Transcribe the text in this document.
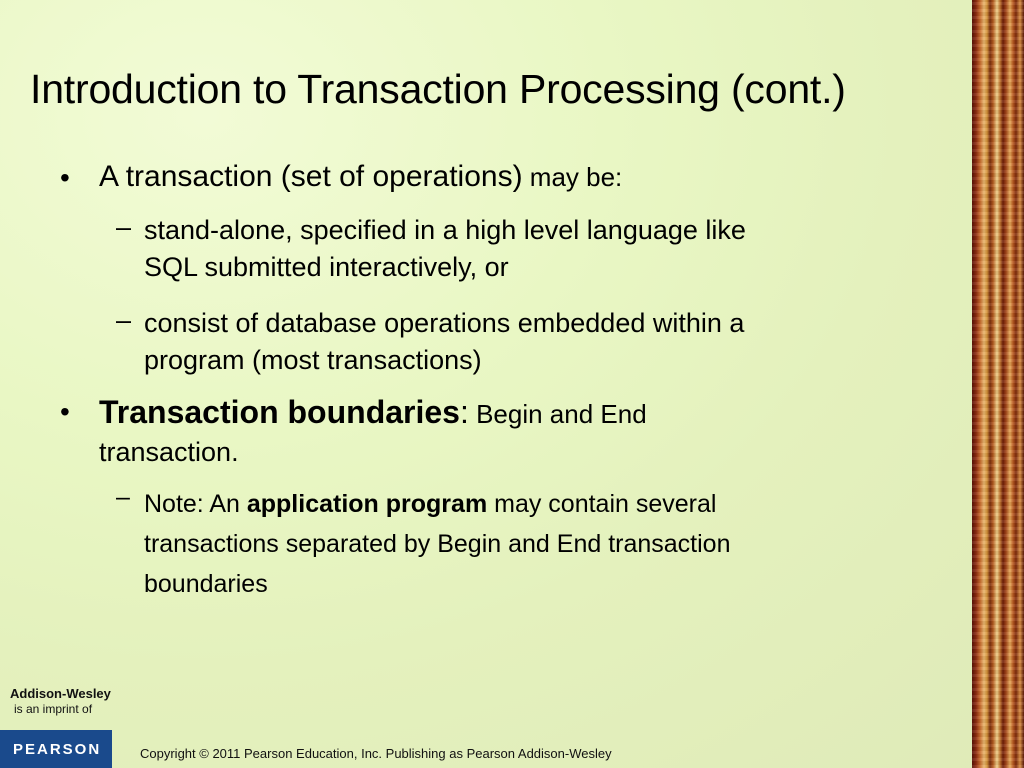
Introduction to Transaction Processing (cont.)
• A transaction (set of operations) may be:
– stand-alone, specified in a high level language like
SQL submitted interactively, or
– consist of database operations embedded within a
program (most transactions)
• Transaction boundaries: Begin and End
transaction.
– Note: An application program may contain several
transactions separated by Begin and End transaction
boundaries
Addison-Wesley
is an imprint of
PEARSON	Copyright © 2011 Pearson Education, Inc. Publishing as Pearson Addison-Wesley
